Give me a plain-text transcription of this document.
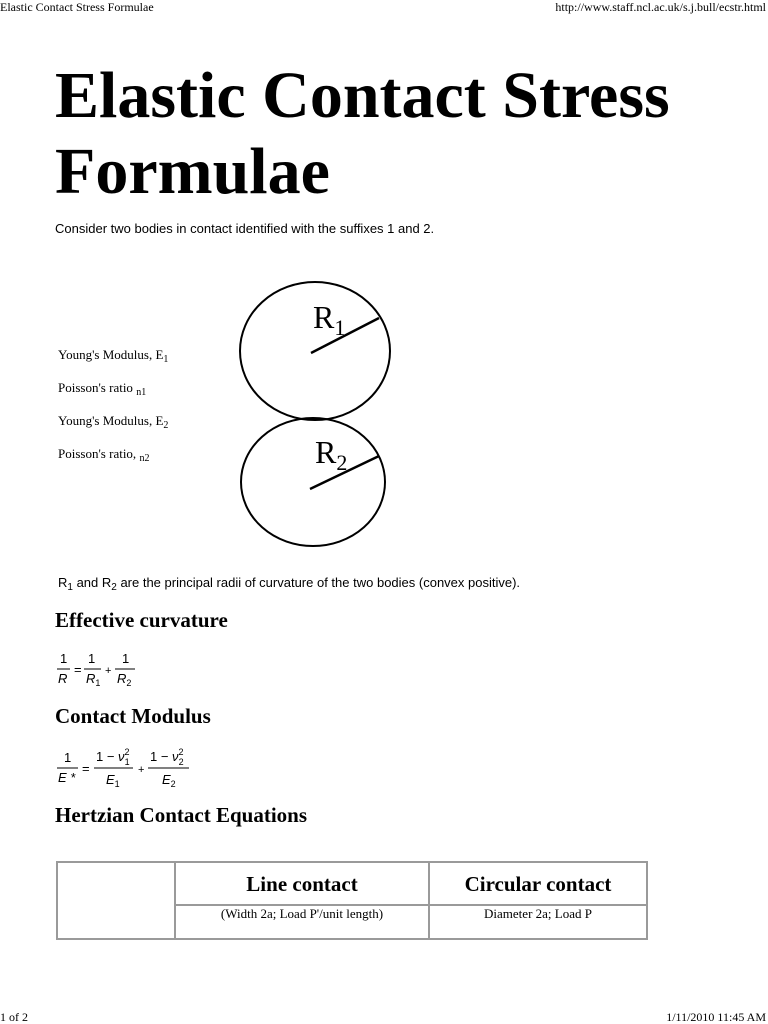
Elastic Contact Stress Formulae	http://www.staff.ncl.ac.uk/s.j.bull/ecstr.html
1 of 2	1/11/2010 11:45 AM
Elastic Contact Stress Formulae
Consider two bodies in contact identified with the suffixes 1 and 2.
Young's Modulus, $E_1$
Poisson's ratio $_{n1}$
Young's Modulus, $E_2$
Poisson's ratio, $_{n2}$
$R_1$
$R_2$
$R_1$ and $R_2$ are the principal radii of curvature of the two bodies (convex positive).
Effective curvature
1
R
=
1
$R_1$
+
1
$R_2$
Contact Modulus
1
E *
=
$1 - \nu^2$ 1
$E_1$
+
$1 - \nu^2$ 2
$E_2$
Hertzian Contact Equations
	Line contact	Circular contact
	(Width 2a; Load P'/unit length)	Diameter 2a; Load P
